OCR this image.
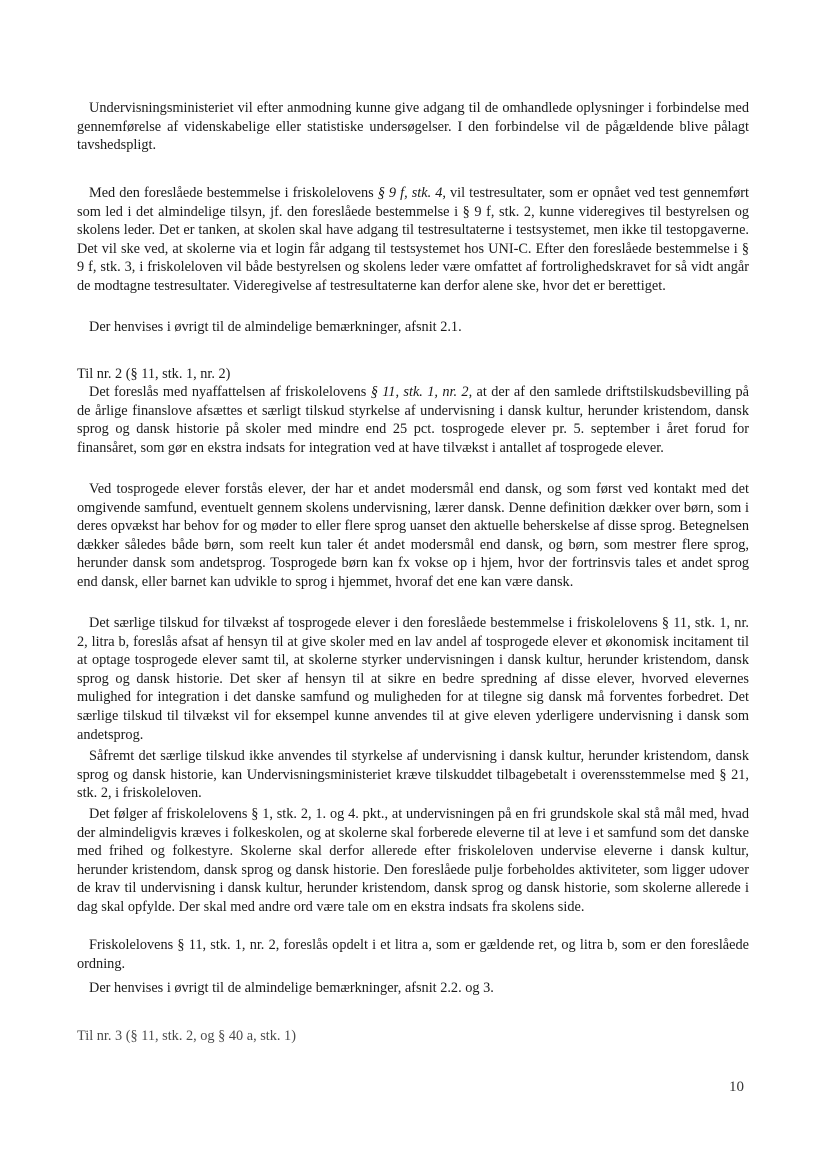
Undervisningsministeriet vil efter anmodning kunne give adgang til de omhandlede oplysninger i forbindelse med gennemførelse af videnskabelige eller statistiske undersøgelser. I den forbindelse vil de pågældende blive pålagt tavshedspligt.

Med den foreslåede bestemmelse i friskolelovens § 9 f, stk. 4, vil testresultater, som er opnået ved test gennemført som led i det almindelige tilsyn, jf. den foreslåede bestemmelse i § 9 f, stk. 2, kunne videregives til bestyrelsen og skolens leder. Det er tanken, at skolen skal have adgang til testresultaterne i testsystemet, men ikke til testopgaverne. Det vil ske ved, at skolerne via et login får adgang til testsystemet hos UNI-C. Efter den foreslåede bestemmelse i § 9 f, stk. 3, i friskoleloven vil både bestyrelsen og skolens leder være omfattet af fortrolighedskravet for så vidt angår de modtagne testresultater. Videregivelse af testresultaterne kan derfor alene ske, hvor det er berettiget.

Der henvises i øvrigt til de almindelige bemærkninger, afsnit 2.1.

Til nr. 2 (§ 11, stk. 1, nr. 2)

Det foreslås med nyaffattelsen af friskolelovens § 11, stk. 1, nr. 2, at der af den samlede driftstilskudsbevilling på de årlige finanslove afsættes et særligt tilskud styrkelse af undervisning i dansk kultur, herunder kristendom, dansk sprog og dansk historie på skoler med mindre end 25 pct. tosprogede elever pr. 5. september i året forud for finansåret, som gør en ekstra indsats for integration ved at have tilvækst i antallet af tosprogede elever.

Ved tosprogede elever forstås elever, der har et andet modersmål end dansk, og som først ved kontakt med det omgivende samfund, eventuelt gennem skolens undervisning, lærer dansk. Denne definition dækker over børn, som i deres opvækst har behov for og møder to eller flere sprog uanset den aktuelle beherskelse af disse sprog. Betegnelsen dækker således både børn, som reelt kun taler ét andet modersmål end dansk, og børn, som mestrer flere sprog, herunder dansk som andetsprog. Tosprogede børn kan fx vokse op i hjem, hvor der fortrinsvis tales et andet sprog end dansk, eller barnet kan udvikle to sprog i hjemmet, hvoraf det ene kan være dansk.

Det særlige tilskud for tilvækst af tosprogede elever i den foreslåede bestemmelse i friskolelovens § 11, stk. 1, nr. 2, litra b, foreslås afsat af hensyn til at give skoler med en lav andel af tosprogede elever et økonomisk incitament til at optage tosprogede elever samt til, at skolerne styrker undervisningen i dansk kultur, herunder kristendom, dansk sprog og dansk historie. Det sker af hensyn til at sikre en bedre spredning af disse elever, hvorved elevernes mulighed for integration i det danske samfund og muligheden for at tilegne sig dansk må forventes forbedret. Det særlige tilskud til tilvækst vil for eksempel kunne anvendes til at give eleven yderligere undervisning i dansk som andetsprog.

Såfremt det særlige tilskud ikke anvendes til styrkelse af undervisning i dansk kultur, herunder kristendom, dansk sprog og dansk historie, kan Undervisningsministeriet kræve tilskuddet tilbagebetalt i overensstemmelse med § 21, stk. 2, i friskoleloven.

Det følger af friskolelovens § 1, stk. 2, 1. og 4. pkt., at undervisningen på en fri grundskole skal stå mål med, hvad der almindeligvis kræves i folkeskolen, og at skolerne skal forberede eleverne til at leve i et samfund som det danske med frihed og folkestyre. Skolerne skal derfor allerede efter friskoleloven undervise eleverne i dansk kultur, herunder kristendom, dansk sprog og dansk historie. Den foreslåede pulje forbeholdes aktiviteter, som ligger udover de krav til undervisning i dansk kultur, herunder kristendom, dansk sprog og dansk historie, som skolerne allerede i dag skal opfylde. Der skal med andre ord være tale om en ekstra indsats fra skolens side.

Friskolelovens § 11, stk. 1, nr. 2, foreslås opdelt i et litra a, som er gældende ret, og litra b, som er den foreslåede ordning.

Der henvises i øvrigt til de almindelige bemærkninger, afsnit 2.2. og 3.

Til nr. 3 (§ 11, stk. 2, og § 40 a, stk. 1)

10
